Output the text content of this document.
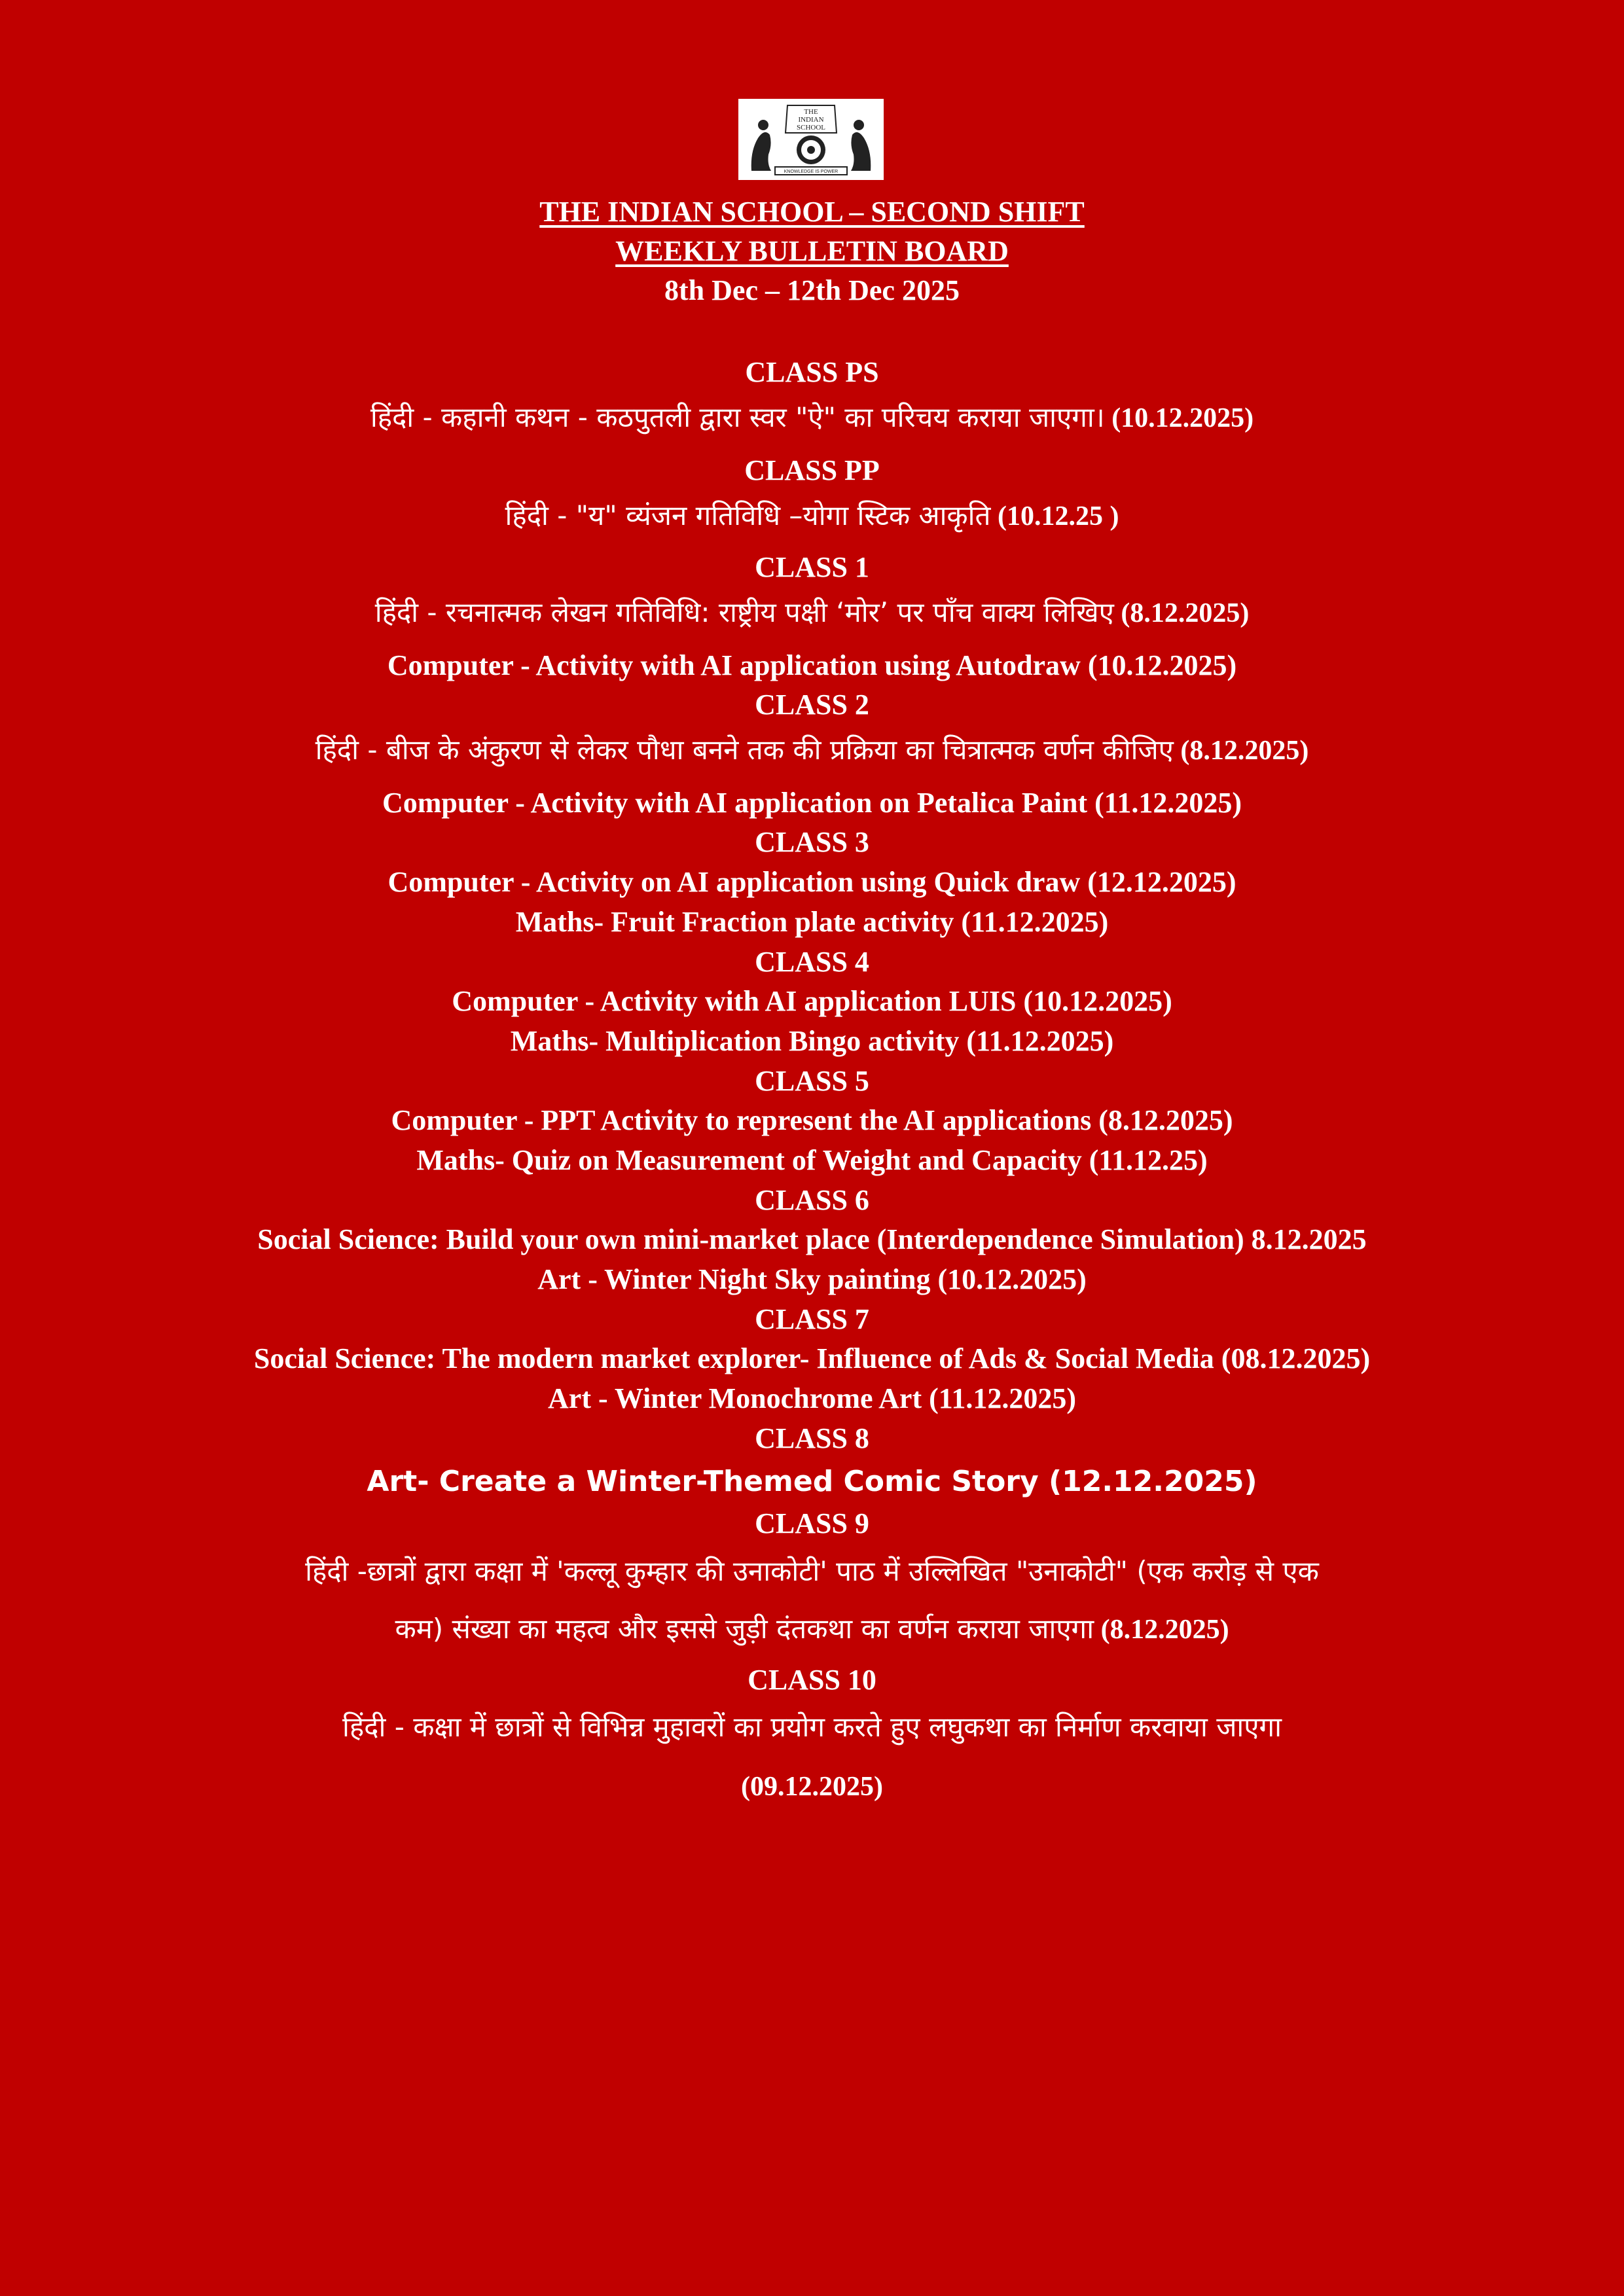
THE
INDIAN
SCHOOL
KNOWLEDGE IS POWER
THE INDIAN SCHOOL – SECOND SHIFT
WEEKLY BULLETIN BOARD
8th Dec – 12th Dec 2025
CLASS PS
हिंदी - कहानी कथन - कठपुतली द्वारा स्वर "ऐ" का परिचय कराया जाएगा। (10.12.2025)
CLASS PP
हिंदी - "य" व्यंजन गतिविधि –योगा स्टिक आकृति (10.12.25 )
CLASS 1
हिंदी - रचनात्मक लेखन गतिविधि: राष्ट्रीय पक्षी ‘मोर’ पर पाँच वाक्य लिखिए (8.12.2025)
Computer - Activity with AI application using Autodraw (10.12.2025)
CLASS 2
हिंदी - बीज के अंकुरण से लेकर पौधा बनने तक की प्रक्रिया का चित्रात्मक वर्णन कीजिए (8.12.2025)
Computer - Activity with AI application on Petalica Paint (11.12.2025)
CLASS 3
Computer - Activity on AI application using Quick draw (12.12.2025)
Maths- Fruit Fraction plate activity (11.12.2025)
CLASS 4
Computer - Activity with AI application LUIS (10.12.2025)
Maths- Multiplication Bingo activity (11.12.2025)
CLASS 5
Computer - PPT Activity to represent the AI applications (8.12.2025)
Maths- Quiz on Measurement of Weight and Capacity (11.12.25)
CLASS 6
Social Science: Build your own mini-market place (Interdependence Simulation) 8.12.2025
Art - Winter Night Sky painting (10.12.2025)
CLASS 7
Social Science: The modern market explorer- Influence of Ads & Social Media (08.12.2025)
Art - Winter Monochrome Art (11.12.2025)
CLASS 8
Art- Create a Winter-Themed Comic Story (12.12.2025)
CLASS 9
हिंदी -छात्रों द्वारा कक्षा में 'कल्लू कुम्हार की उनाकोटी' पाठ में उल्लिखित "उनाकोटी" (एक करोड़ से एक
कम) संख्या का महत्व और इससे जुड़ी दंतकथा का वर्णन कराया जाएगा (8.12.2025)
CLASS 10
हिंदी - कक्षा में छात्रों से विभिन्न मुहावरों का प्रयोग करते हुए लघुकथा का निर्माण करवाया जाएगा
(09.12.2025)
